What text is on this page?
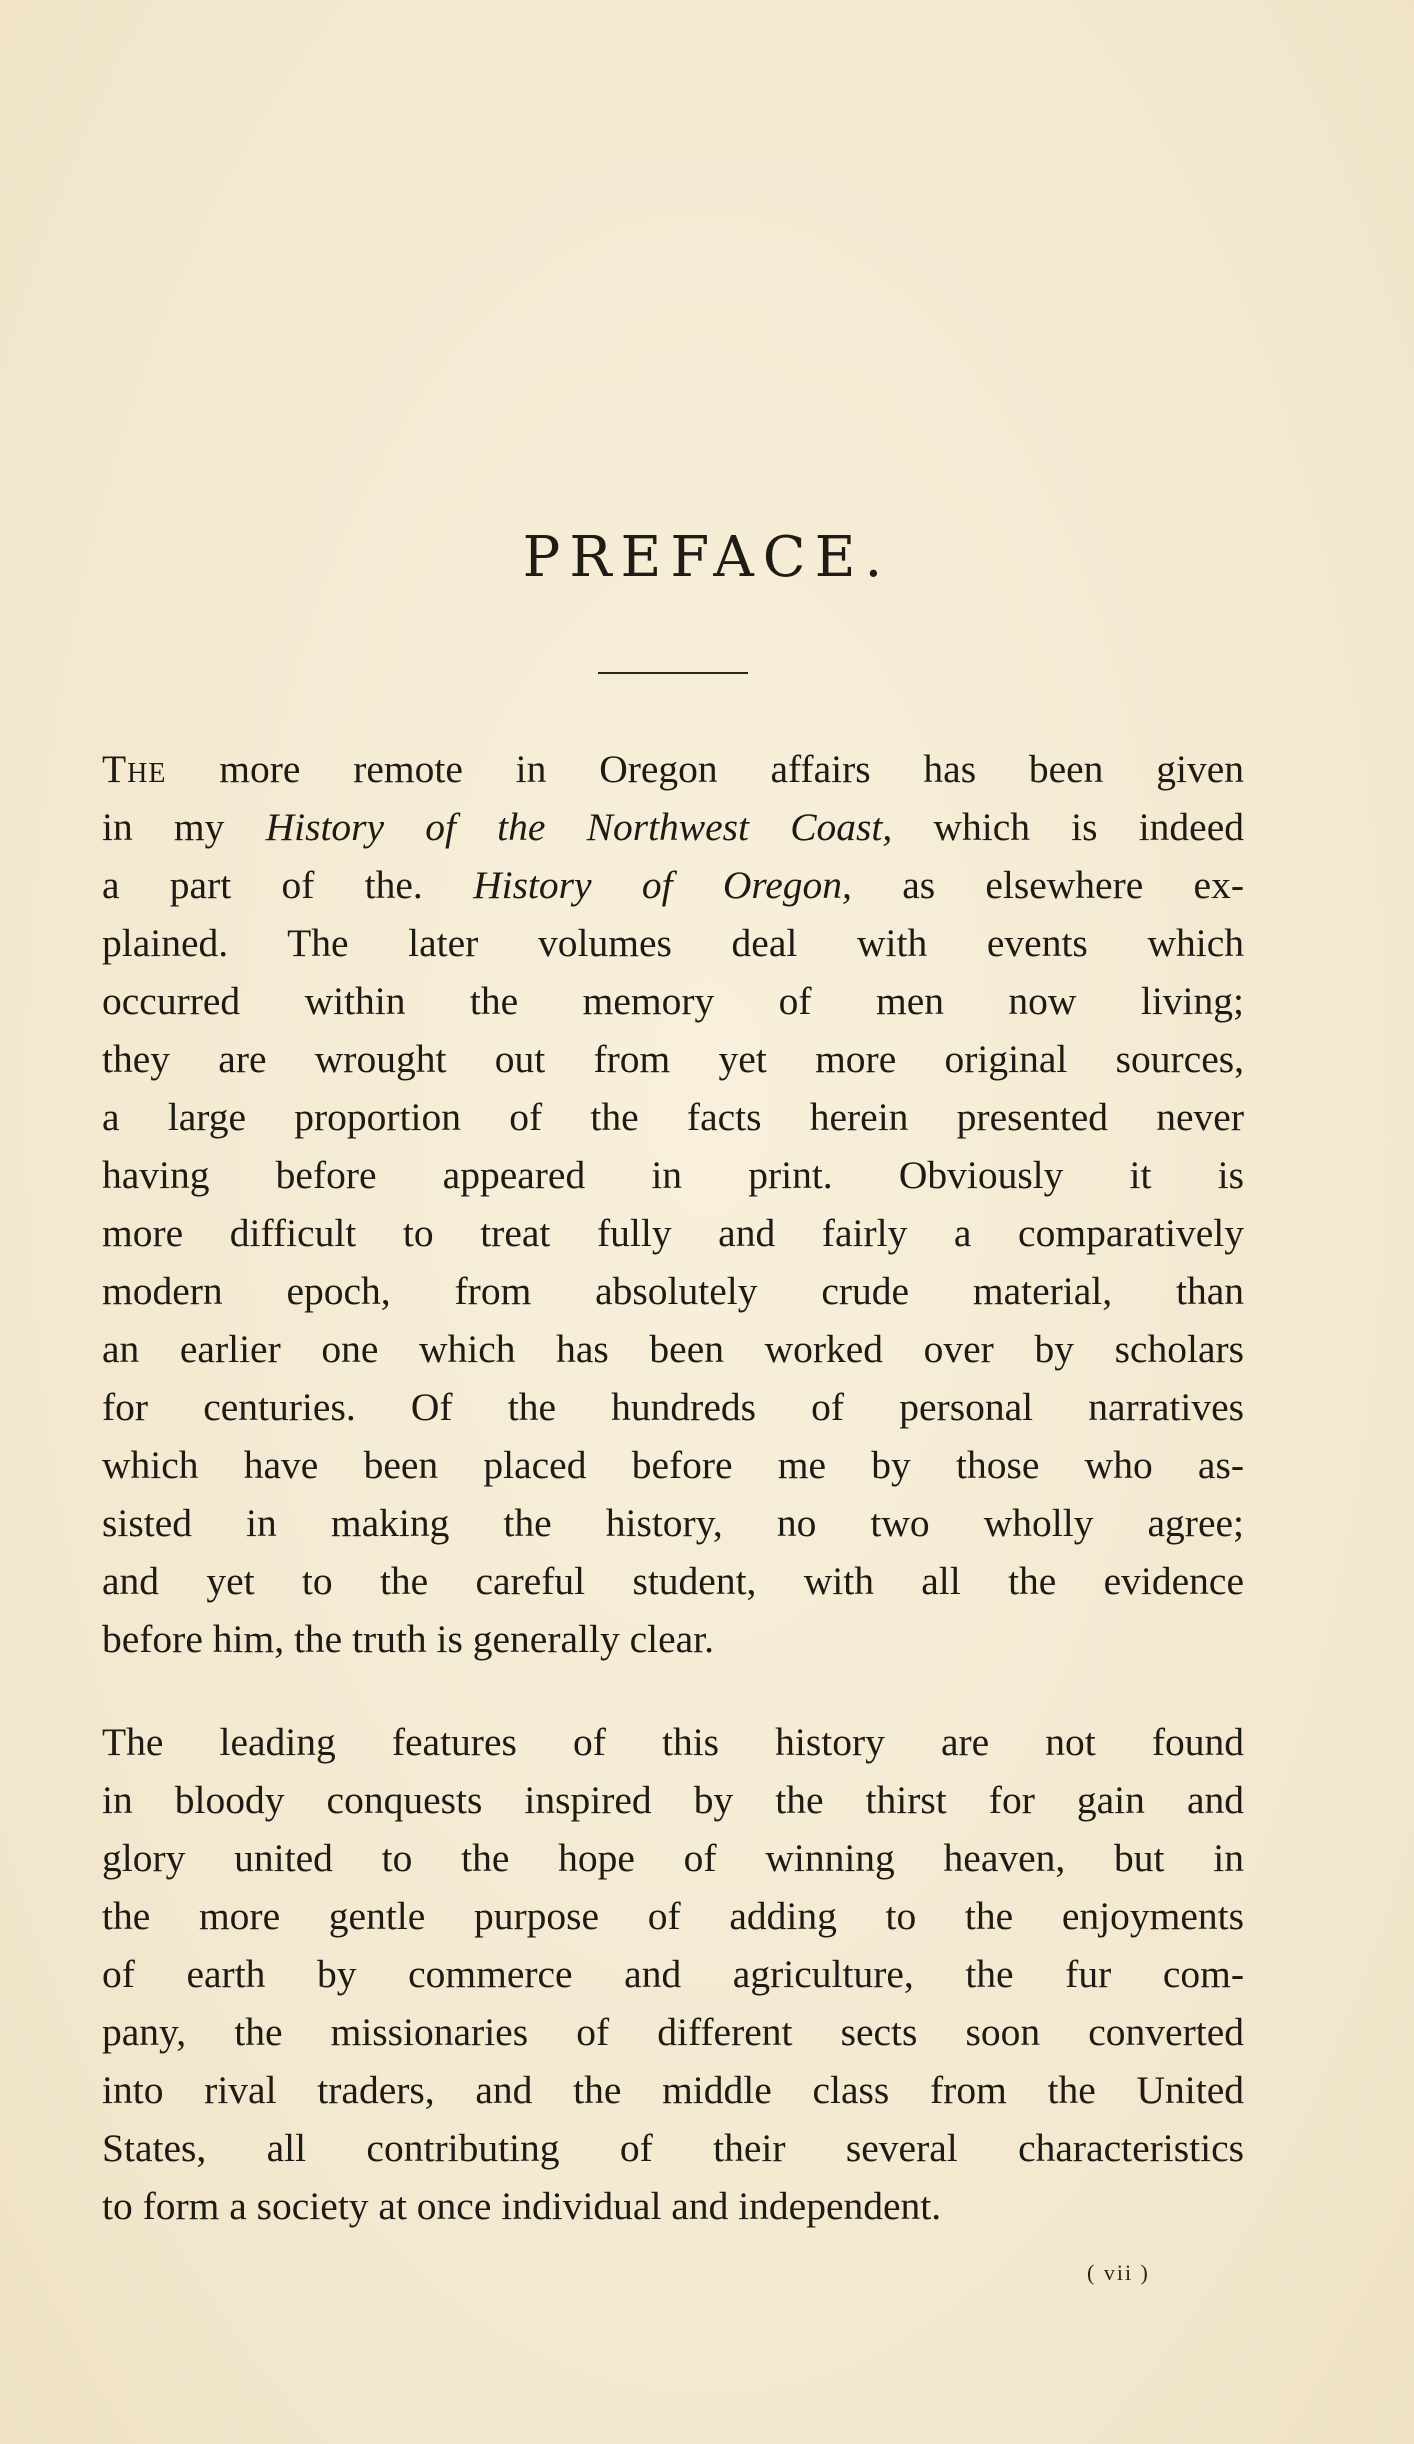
PREFACE.
The more remote in Oregon affairs has been given
in my History of the Northwest Coast, which is indeed
a part of the. History of Oregon, as elsewhere ex-
plained. The later volumes deal with events which
occurred within the memory of men now living;
they are wrought out from yet more original sources,
a large proportion of the facts herein presented never
having before appeared in print. Obviously it is
more difficult to treat fully and fairly a comparatively
modern epoch, from absolutely crude material, than
an earlier one which has been worked over by scholars
for centuries. Of the hundreds of personal narratives
which have been placed before me by those who as-
sisted in making the history, no two wholly agree;
and yet to the careful student, with all the evidence
before him, the truth is generally clear.
The leading features of this history are not found
in bloody conquests inspired by the thirst for gain and
glory united to the hope of winning heaven, but in
the more gentle purpose of adding to the enjoyments
of earth by commerce and agriculture, the fur com-
pany, the missionaries of different sects soon converted
into rival traders, and the middle class from the United
States, all contributing of their several characteristics
to form a society at once individual and independent.
( vii )
